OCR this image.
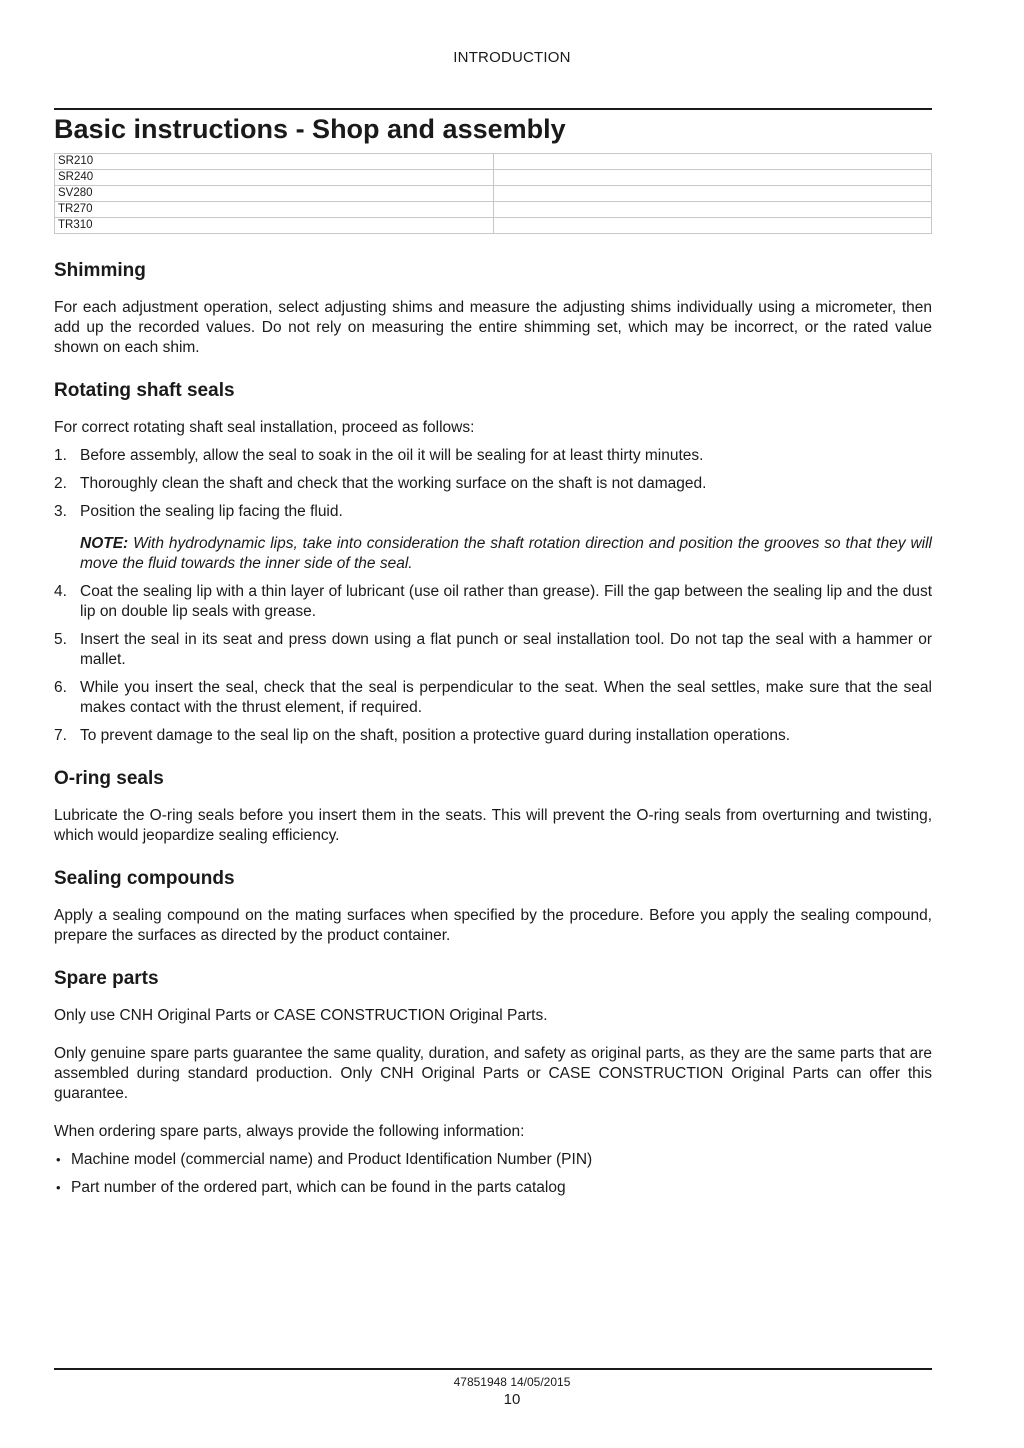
INTRODUCTION
Basic instructions - Shop and assembly
SR210	
SR240	
SV280	
TR270	
TR310	
Shimming

For each adjustment operation, select adjusting shims and measure the adjusting shims individually using a micrometer, then add up the recorded values. Do not rely on measuring the entire shimming set, which may be incorrect, or the rated value shown on each shim.

Rotating shaft seals

For correct rotating shaft seal installation, proceed as follows:

1. Before assembly, allow the seal to soak in the oil it will be sealing for at least thirty minutes.
2. Thoroughly clean the shaft and check that the working surface on the shaft is not damaged.
3. Position the sealing lip facing the fluid.
NOTE: With hydrodynamic lips, take into consideration the shaft rotation direction and position the grooves so that they will move the fluid towards the inner side of the seal.
4. Coat the sealing lip with a thin layer of lubricant (use oil rather than grease). Fill the gap between the sealing lip and the dust lip on double lip seals with grease.
5. Insert the seal in its seat and press down using a flat punch or seal installation tool. Do not tap the seal with a hammer or mallet.
6. While you insert the seal, check that the seal is perpendicular to the seat. When the seal settles, make sure that the seal makes contact with the thrust element, if required.
7. To prevent damage to the seal lip on the shaft, position a protective guard during installation operations.
O-ring seals

Lubricate the O-ring seals before you insert them in the seats. This will prevent the O-ring seals from overturning and twisting, which would jeopardize sealing efficiency.

Sealing compounds

Apply a sealing compound on the mating surfaces when specified by the procedure. Before you apply the sealing compound, prepare the surfaces as directed by the product container.

Spare parts

Only use CNH Original Parts or CASE CONSTRUCTION Original Parts.

Only genuine spare parts guarantee the same quality, duration, and safety as original parts, as they are the same parts that are assembled during standard production. Only CNH Original Parts or CASE CONSTRUCTION Original Parts can offer this guarantee.

When ordering spare parts, always provide the following information:

• Machine model (commercial name) and Product Identification Number (PIN)
• Part number of the ordered part, which can be found in the parts catalog
47851948 14/05/2015
10
